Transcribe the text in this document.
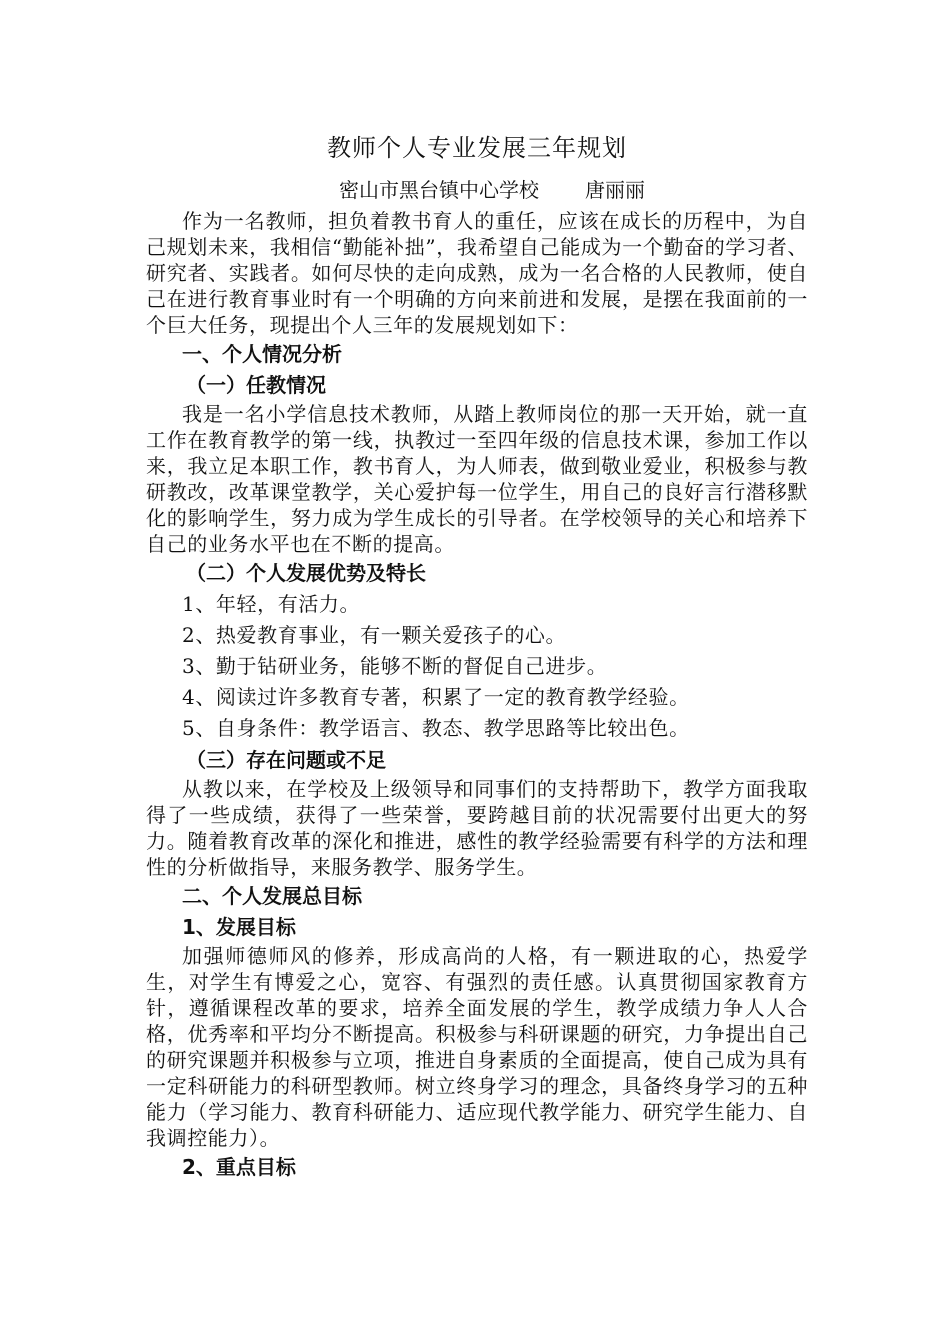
教师个人专业发展三年规划

密山市黑台镇中心学校 唐丽丽

作为一名教师，担负着教书育人的重任，应该在成长的历程中，为自己规划未来，我相信“勤能补拙”，我希望自己能成为一个勤奋的学习者、研究者、实践者。如何尽快的走向成熟，成为一名合格的人民教师，使自己在进行教育事业时有一个明确的方向来前进和发展，是摆在我面前的一个巨大任务，现提出个人三年的发展规划如下：

一、个人情况分析

（一）任教情况

我是一名小学信息技术教师，从踏上教师岗位的那一天开始，就一直工作在教育教学的第一线，执教过一至四年级的信息技术课，参加工作以来，我立足本职工作，教书育人，为人师表，做到敬业爱业，积极参与教研教改，改革课堂教学，关心爱护每一位学生，用自己的良好言行潜移默化的影响学生，努力成为学生成长的引导者。在学校领导的关心和培养下自己的业务水平也在不断的提高。

（二）个人发展优势及特长

1、年轻，有活力。

2、热爱教育事业，有一颗关爱孩子的心。

3、勤于钻研业务，能够不断的督促自己进步。

4、阅读过许多教育专著，积累了一定的教育教学经验。

5、自身条件：教学语言、教态、教学思路等比较出色。

（三）存在问题或不足

从教以来，在学校及上级领导和同事们的支持帮助下，教学方面我取得了一些成绩，获得了一些荣誉，要跨越目前的状况需要付出更大的努力。随着教育改革的深化和推进，感性的教学经验需要有科学的方法和理性的分析做指导，来服务教学、服务学生。

二、个人发展总目标

1、发展目标

加强师德师风的修养，形成高尚的人格，有一颗进取的心，热爱学生，对学生有博爱之心，宽容、有强烈的责任感。认真贯彻国家教育方针，遵循课程改革的要求，培养全面发展的学生，教学成绩力争人人合格，优秀率和平均分不断提高。积极参与科研课题的研究，力争提出自己的研究课题并积极参与立项，推进自身素质的全面提高，使自己成为具有一定科研能力的科研型教师。树立终身学习的理念，具备终身学习的五种能力（学习能力、教育科研能力、适应现代教学能力、研究学生能力、自我调控能力）。

2、重点目标
